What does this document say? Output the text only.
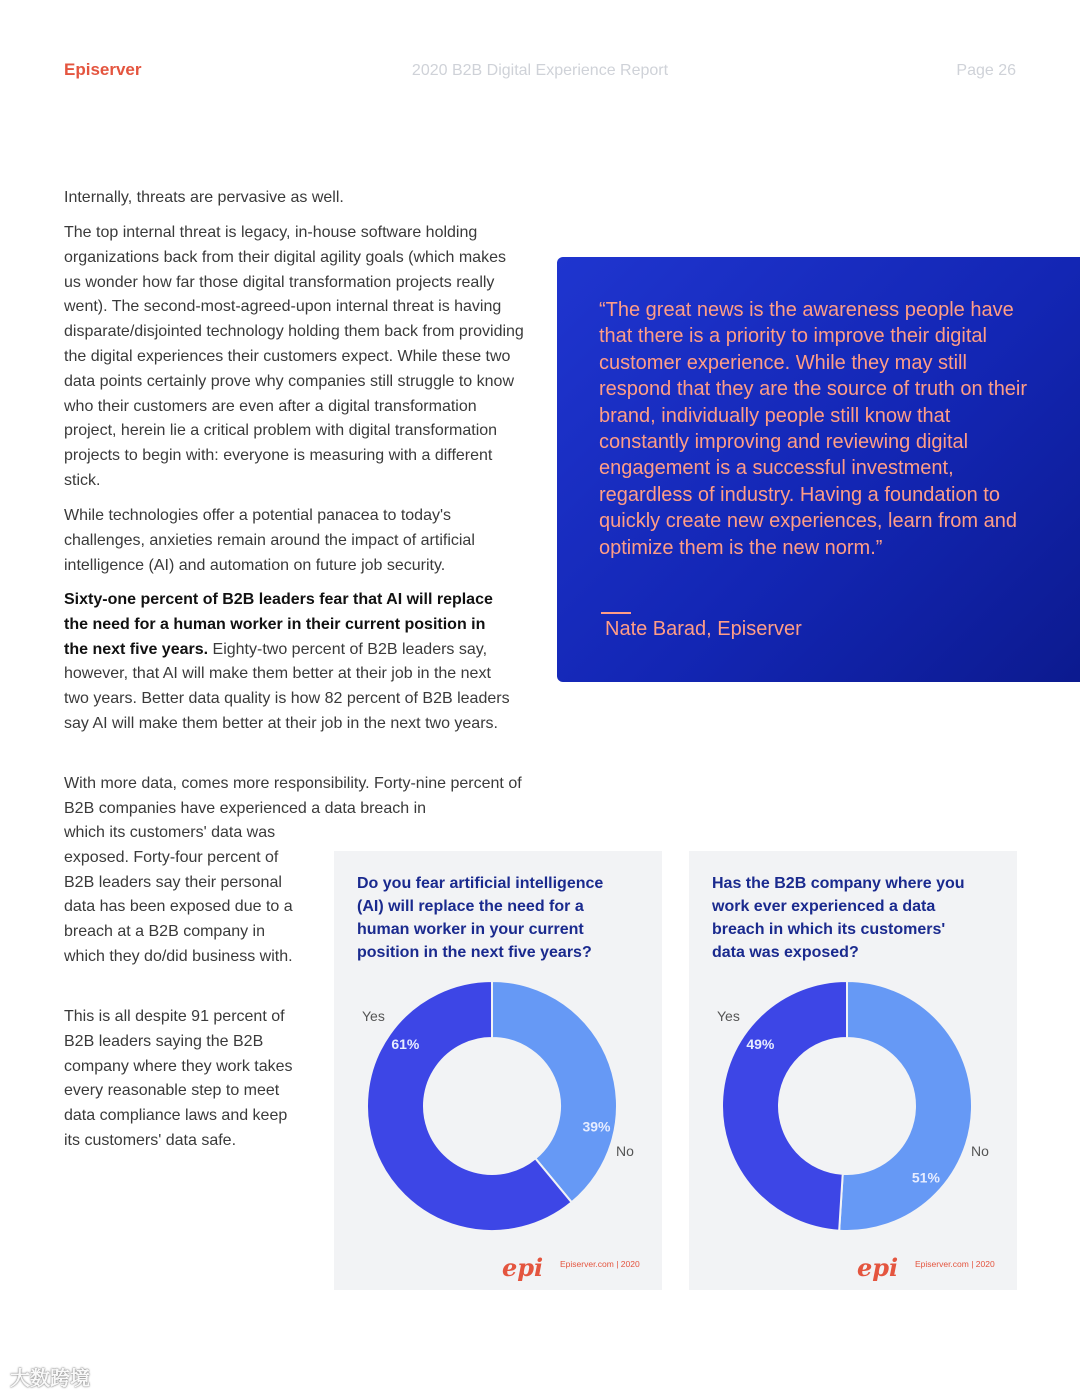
Episerver	2020 B2B Digital Experience Report	Page 26

Internally, threats are pervasive as well.

The top internal threat is legacy, in-house software holding organizations back from their digital agility goals (which makes us wonder how far those digital transformation projects really went). The second-most-agreed-upon internal threat is having disparate/disjointed technology holding them back from providing the digital experiences their customers expect. While these two data points certainly prove why companies still struggle to know who their customers are even after a digital transformation project, herein lie a critical problem with digital transformation projects to begin with: everyone is measuring with a different stick.

While technologies offer a potential panacea to today's challenges, anxieties remain around the impact of artificial intelligence (AI) and automation on future job security.

Sixty-one percent of B2B leaders fear that AI will replace the need for a human worker in their current position in the next five years. Eighty-two percent of B2B leaders say, however, that AI will make them better at their job in the next two years. Better data quality is how 82 percent of B2B leaders say AI will make them better at their job in the next two years.

With more data, comes more responsibility. Forty-nine percent of B2B companies have experienced a data breach in

which its customers' data was exposed. Forty-four percent of B2B leaders say their personal data has been exposed due to a breach at a B2B company in which they do/did business with.

This is all despite 91 percent of B2B leaders saying the B2B company where they work takes every reasonable step to meet data compliance laws and keep its customers' data safe.

“The great news is the awareness people have that there is a priority to improve their digital customer experience. While they may still respond that they are the source of truth on their brand, individually people still know that constantly improving and reviewing digital engagement is a successful investment, regardless of industry. Having a foundation to quickly create new experiences, learn from and optimize them is the new norm.”

Nate Barad, Episerver

Do you fear artificial intelligence (AI) will replace the need for a human worker in your current position in the next five years?

39%
61%
Yes
No
epi Episerver.com | 2020

Has the B2B company where you work ever experienced a data breach in which its customers' data was exposed?

51%
49%
Yes
No
epi Episerver.com | 2020
大数跨境
